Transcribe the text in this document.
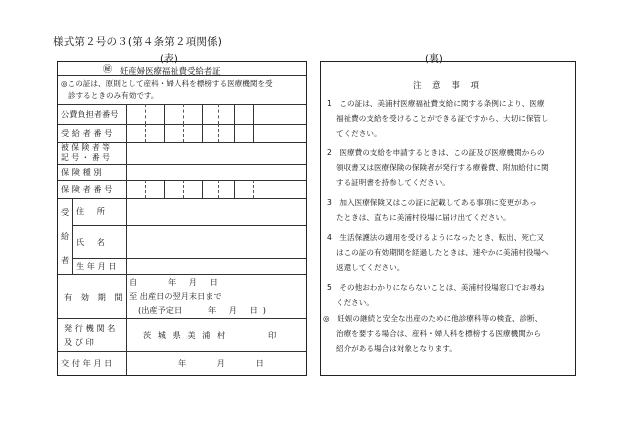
様式第２号の３(第４条第２項関係)
(表)	(裏)
㊙ 妊産婦医療福祉費受給者証
◎この証は、原則として産科・婦人科を標榜する医療機関を受
診するときのみ有効です。
公費負担者番号
受 給 者 番 号
被 保 険 者 等
記 号 ・ 番 号
保 険 種 別
保 険 者 番 号
受
給
者
住 所
氏 名
生 年 月 日
有 効 期 間
自	年 月 日
至 出産日の翌月末日まで
(出産予定日	年 月 日)
発 行 機 関 名
及 び 印
茨 城 県 美 浦 村	印
交 付 年 月 日	年 月 日
注 意 事 項
1　この証は、美浦村医療福祉費支給に関する条例により、医療
福祉費の支給を受けることができる証ですから、大切に保管し
てください。
2　医療費の支給を申請するときは、この証及び医療機関からの
領収書又は医療保険の保険者が発行する療養費、附加給付に関
する証明書を持参してください。
3　加入医療保険又はこの証に記載してある事項に変更があっ
たときは、直ちに美浦村役場に届け出てください。
4　生活保護法の適用を受けるようになったとき、転出、死亡又
はこの証の有効期間を経過したときは、速やかに美浦村役場へ
返還してください。
5　その他おわかりにならないことは、美浦村役場窓口でお尋ね
ください。
◎　妊娠の継続と安全な出産のために他診療科等の検査、診断、
治療を要する場合は、産科・婦人科を標榜する医療機関から
紹介がある場合は対象となります。
